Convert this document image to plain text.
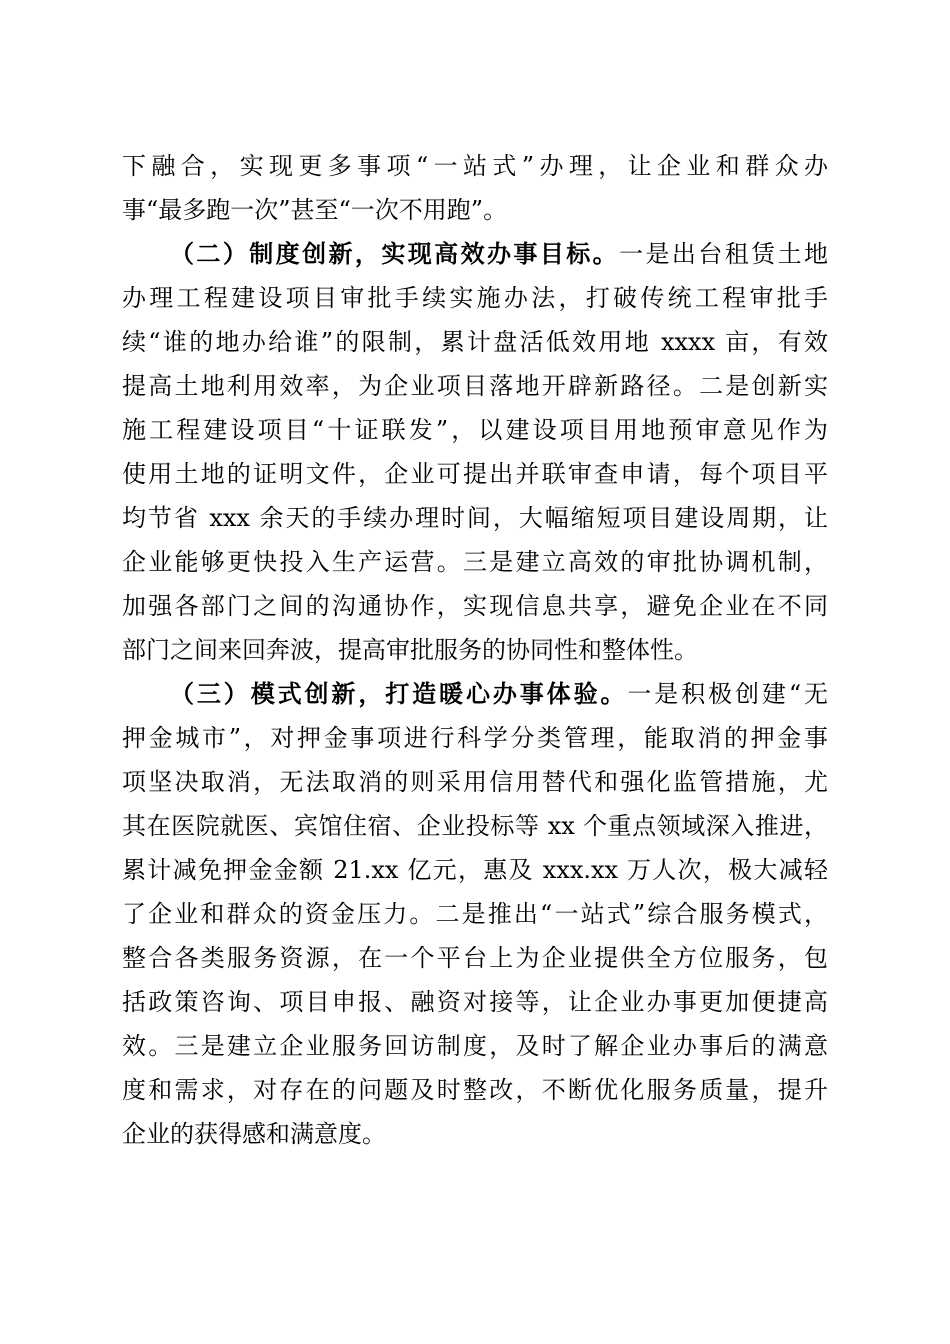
下融合，实现更多事项“一站式”办理，让企业和群众办
事“最多跑一次”甚至“一次不用跑”。
（二）制度创新，实现高效办事目标。一是出台租赁土地
办理工程建设项目审批手续实施办法，打破传统工程审批手
续“谁的地办给谁”的限制，累计盘活低效用地 xxxx 亩，有效
提高土地利用效率，为企业项目落地开辟新路径。二是创新实
施工程建设项目“十证联发”，以建设项目用地预审意见作为
使用土地的证明文件，企业可提出并联审查申请，每个项目平
均节省 xxx 余天的手续办理时间，大幅缩短项目建设周期，让
企业能够更快投入生产运营。三是建立高效的审批协调机制，
加强各部门之间的沟通协作，实现信息共享，避免企业在不同
部门之间来回奔波，提高审批服务的协同性和整体性。
（三）模式创新，打造暖心办事体验。一是积极创建“无
押金城市”，对押金事项进行科学分类管理，能取消的押金事
项坚决取消，无法取消的则采用信用替代和强化监管措施，尤
其在医院就医、宾馆住宿、企业投标等 xx 个重点领域深入推进，
累计减免押金金额 21.xx 亿元，惠及 xxx.xx 万人次，极大减轻
了企业和群众的资金压力。二是推出“一站式”综合服务模式，
整合各类服务资源，在一个平台上为企业提供全方位服务，包
括政策咨询、项目申报、融资对接等，让企业办事更加便捷高
效。三是建立企业服务回访制度，及时了解企业办事后的满意
度和需求，对存在的问题及时整改，不断优化服务质量，提升
企业的获得感和满意度。
